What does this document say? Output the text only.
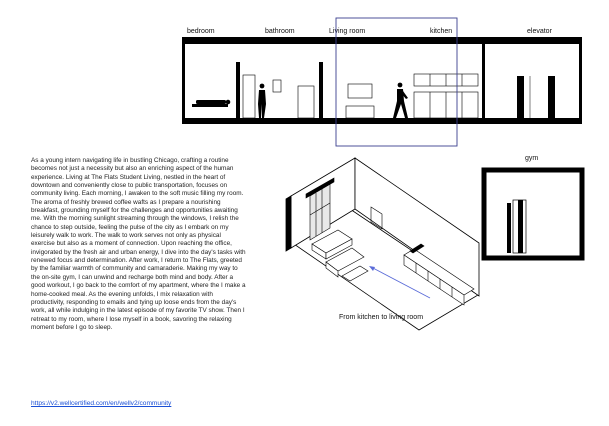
bedroom	bathroom	Living room	kitchen	elevator
gym

As a young intern navigating life in bustling Chicago, crafting a routine becomes not just a necessity but also an enriching aspect of the human experience. Living at The Flats Student Living, nestled in the heart of downtown and conveniently close to public transportation, focuses on community living. Each morning, I awaken to the soft music filling my room. The aroma of freshly brewed coffee wafts as I prepare a nourishing breakfast, grounding myself for the challenges and opportunities awaiting me. With the morning sunlight streaming through the windows, I relish the chance to step outside, feeling the pulse of the city as I embark on my leisurely walk to work. The walk to work serves not only as physical exercise but also as a moment of connection. Upon reaching the office, invigorated by the fresh air and urban energy, I dive into the day's tasks with renewed focus and determination. After work, I return to The Flats, greeted by the familiar warmth of community and camaraderie. Making my way to the on-site gym, I can unwind and recharge both mind and body. After a good workout, I go back to the comfort of my apartment, where the I make a home-cooked meal. As the evening unfolds, I mix relaxation with productivity, responding to emails and tying up loose ends from the day's work, all while indulging in the latest episode of my favorite TV show. Then I retreat to my room, where I lose myself in a book, savoring the relaxing moment before I go to sleep.

https://v2.wellcertified.com/en/wellv2/community
From kitchen to living room
